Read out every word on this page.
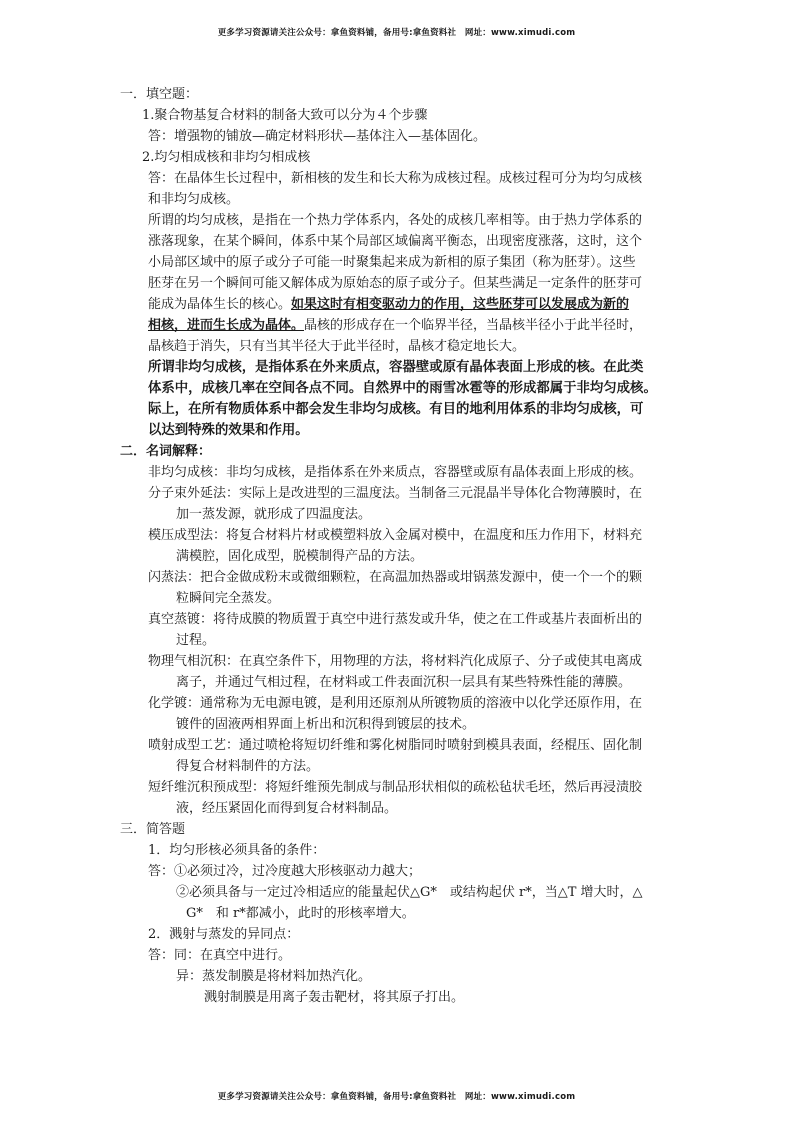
更多学习资源请关注公众号：拿鱼资料铺，备用号:拿鱼资料社　网址：www.ximudi.com
一．填空题：
1.聚合物基复合材料的制备大致可以分为４个步骤
答：增强物的铺放—确定材料形状—基体注入—基体固化。
2.均匀相成核和非均匀相成核
答：在晶体生长过程中，新相核的发生和长大称为成核过程。成核过程可分为均匀成核
和非均匀成核。
所谓的均匀成核，是指在一个热力学体系内，各处的成核几率相等。由于热力学体系的
涨落现象，在某个瞬间，体系中某个局部区域偏离平衡态，出现密度涨落，这时，这个
小局部区域中的原子或分子可能一时聚集起来成为新相的原子集团（称为胚芽）。这些
胚芽在另一个瞬间可能又解体成为原始态的原子或分子。但某些满足一定条件的胚芽可
能成为晶体生长的核心。如果这时有相变驱动力的作用，这些胚芽可以发展成为新的
相核，进而生长成为晶体。晶核的形成存在一个临界半径，当晶核半径小于此半径时，
晶核趋于消失，只有当其半径大于此半径时，晶核才稳定地长大。
所谓非均匀成核，是指体系在外来质点，容器壁或原有晶体表面上形成的核。在此类
体系中，成核几率在空间各点不同。自然界中的雨雪冰雹等的形成都属于非均匀成核。
际上，在所有物质体系中都会发生非均匀成核。有目的地利用体系的非均匀成核，可
以达到特殊的效果和作用。
二．名词解释：
非均匀成核：非均匀成核，是指体系在外来质点，容器壁或原有晶体表面上形成的核。
分子束外延法：实际上是改进型的三温度法。当制备三元混晶半导体化合物薄膜时，在
加一蒸发源，就形成了四温度法。
模压成型法：将复合材料片材或模塑料放入金属对模中，在温度和压力作用下，材料充
满模腔，固化成型，脱模制得产品的方法。
闪蒸法：把合金做成粉末或微细颗粒，在高温加热器或坩锅蒸发源中，使一个一个的颗
粒瞬间完全蒸发。
真空蒸镀：将待成膜的物质置于真空中进行蒸发或升华，使之在工件或基片表面析出的
过程。
物理气相沉积：在真空条件下，用物理的方法，将材料汽化成原子、分子或使其电离成
离子，并通过气相过程，在材料或工件表面沉积一层具有某些特殊性能的薄膜。
化学镀：通常称为无电源电镀，是利用还原剂从所镀物质的溶液中以化学还原作用，在
镀件的固液两相界面上析出和沉积得到镀层的技术。
喷射成型工艺：通过喷枪将短切纤维和雾化树脂同时喷射到模具表面，经棍压、固化制
得复合材料制件的方法。
短纤维沉积预成型：将短纤维预先制成与制品形状相似的疏松毡状毛坯，然后再浸渍胶
液，经压紧固化而得到复合材料制品。
三．简答题
1．均匀形核必须具备的条件：
答：①必须过冷，过冷度越大形核驱动力越大；
②必须具备与一定过冷相适应的能量起伏△G*　或结构起伏 r*，当△T 增大时，△
G*　和 r*都减小，此时的形核率增大。
2．溅射与蒸发的异同点：
答：同：在真空中进行。
异：蒸发制膜是将材料加热汽化。
溅射制膜是用离子轰击靶材，将其原子打出。
更多学习资源请关注公众号：拿鱼资料铺，备用号:拿鱼资料社　网址：www.ximudi.com
